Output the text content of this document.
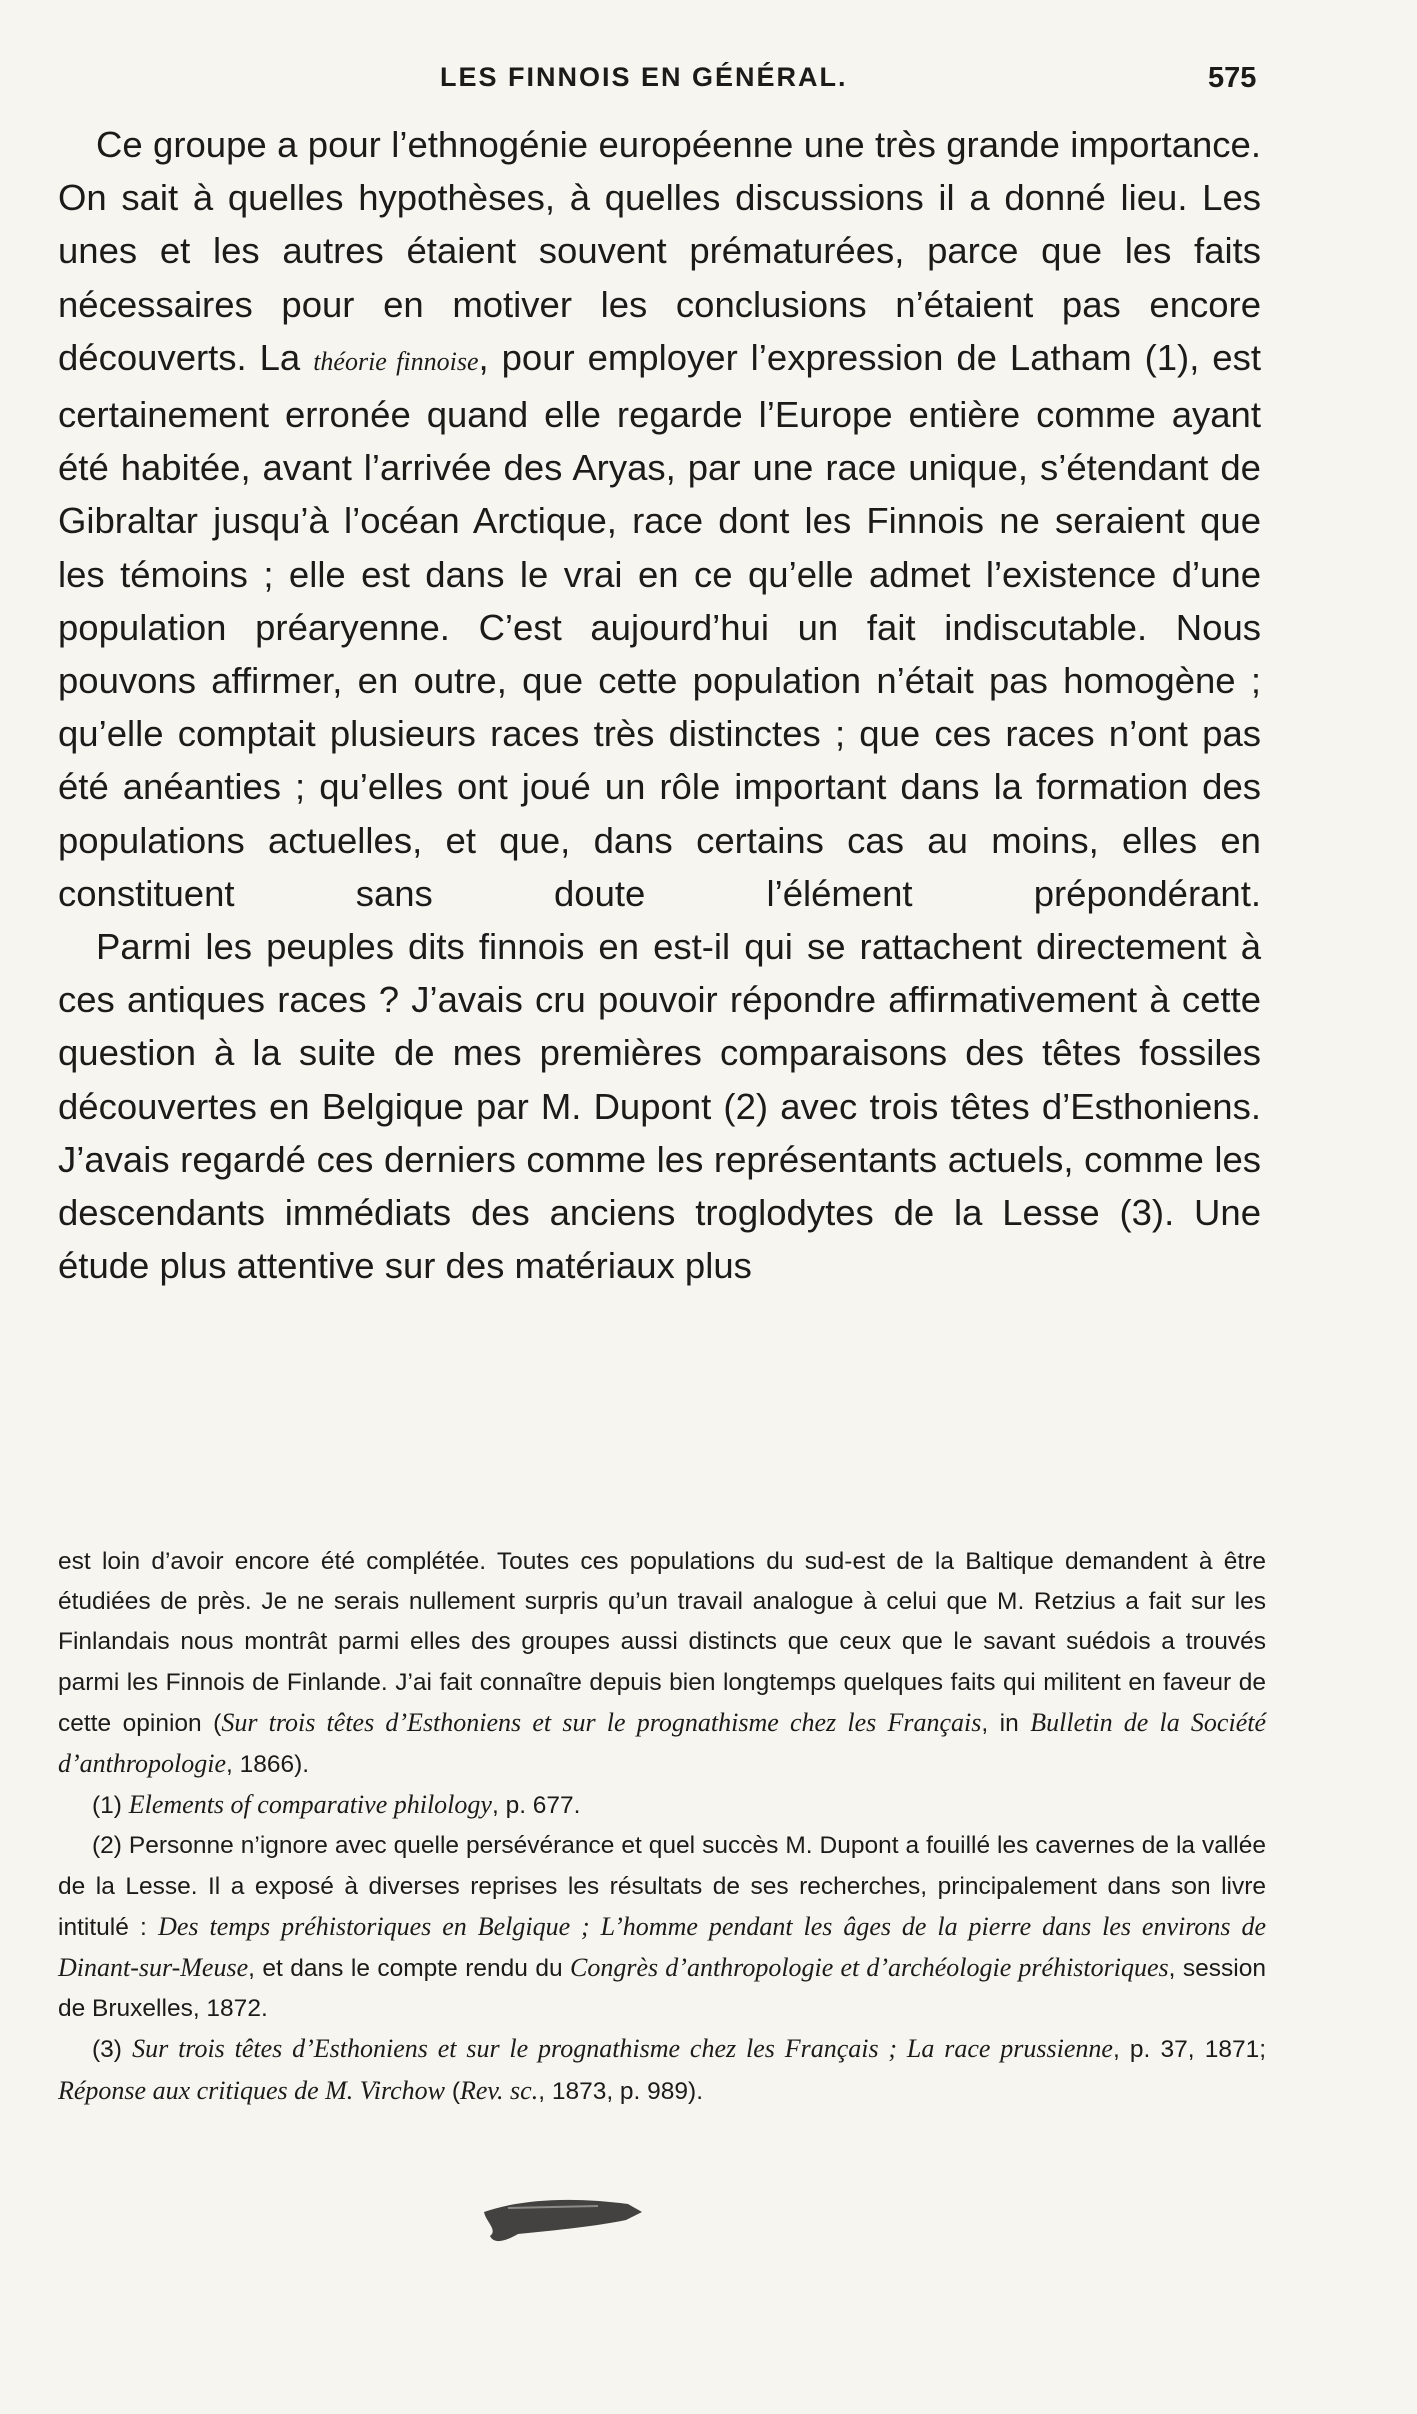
LES FINNOIS EN GÉNÉRAL.	575

Ce groupe a pour l’ethnogénie européenne une très grande importance. On sait à quelles hypothèses, à quelles discussions il a donné lieu. Les unes et les autres étaient souvent prématurées, parce que les faits nécessaires pour en motiver les conclusions n’étaient pas encore découverts. La théorie finnoise, pour employer l’expression de Latham (1), est certainement erronée quand elle regarde l’Europe entière comme ayant été habitée, avant l’arrivée des Aryas, par une race unique, s’étendant de Gibraltar jusqu’à l’océan Arctique, race dont les Finnois ne seraient que les témoins ; elle est dans le vrai en ce qu’elle admet l’existence d’une population préaryenne. C’est aujourd’hui un fait indiscutable. Nous pouvons affirmer, en outre, que cette population n’était pas homogène ; qu’elle comptait plusieurs races très distinctes ; que ces races n’ont pas été anéanties ; qu’elles ont joué un rôle important dans la formation des populations actuelles, et que, dans certains cas au moins, elles en constituent sans doute l’élément prépondérant.

Parmi les peuples dits finnois en est-il qui se rattachent directement à ces antiques races ? J’avais cru pouvoir répondre affirmativement à cette question à la suite de mes premières comparaisons des têtes fossiles découvertes en Belgique par M. Dupont (2) avec trois têtes d’Esthoniens. J’avais regardé ces derniers comme les représentants actuels, comme les descendants immédiats des anciens troglodytes de la Lesse (3). Une étude plus attentive sur des matériaux plus

est loin d’avoir encore été complétée. Toutes ces populations du sud-est de la Baltique demandent à être étudiées de près. Je ne serais nullement surpris qu’un travail analogue à celui que M. Retzius a fait sur les Finlandais nous montrât parmi elles des groupes aussi distincts que ceux que le savant suédois a trouvés parmi les Finnois de Finlande. J’ai fait connaître depuis bien longtemps quelques faits qui militent en faveur de cette opinion (Sur trois têtes d’Esthoniens et sur le prognathisme chez les Français, in Bulletin de la Société d’anthropologie, 1866).

(1) Elements of comparative philology, p. 677.

(2) Personne n’ignore avec quelle persévérance et quel succès M. Dupont a fouillé les cavernes de la vallée de la Lesse. Il a exposé à diverses reprises les résultats de ses recherches, principalement dans son livre intitulé : Des temps préhistoriques en Belgique ; L’homme pendant les âges de la pierre dans les environs de Dinant-sur-Meuse, et dans le compte rendu du Congrès d’anthropologie et d’archéologie préhistoriques, session de Bruxelles, 1872.

(3) Sur trois têtes d’Esthoniens et sur le prognathisme chez les Français ; La race prussienne, p. 37, 1871; Réponse aux critiques de M. Virchow (Rev. sc., 1873, p. 989).
